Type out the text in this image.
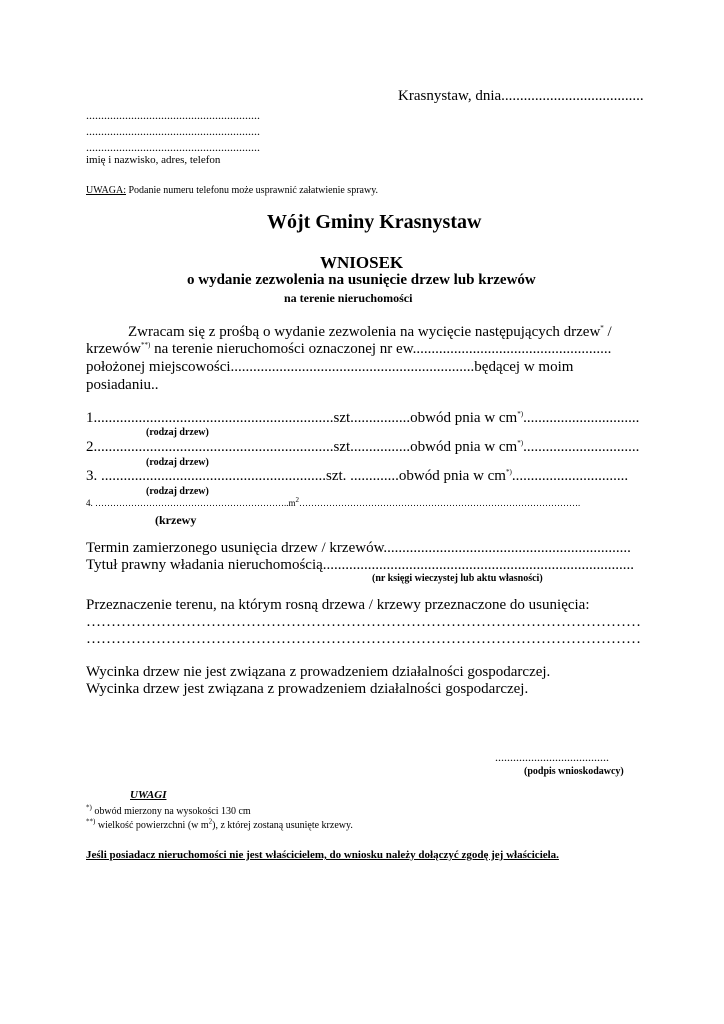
Krasnystaw, dnia......................................
..........................................................
..........................................................
..........................................................
imię i nazwisko, adres, telefon
UWAGA: Podanie numeru telefonu może usprawnić załatwienie sprawy.
Wójt Gminy Krasnystaw
WNIOSEK
o wydanie zezwolenia na usunięcie drzew lub krzewów
na terenie nieruchomości
Zwracam się z prośbą o wydanie zezwolenia na wycięcie następujących drzew* /
krzewów**) na terenie nieruchomości oznaczonej nr ew.....................................................
położonej miejscowości.................................................................będącej w moim
posiadaniu..
1................................................................szt................obwód pnia w cm*)...............................
(rodzaj drzew)
2................................................................szt................obwód pnia w cm*)...............................
(rodzaj drzew)
3. ............................................................szt. .............obwód pnia w cm*)...............................
(rodzaj drzew)
4. $\dots\dots\dots\dots\dots\dots\dots\dots\dots\dots\dots\dots\dots\dots\dots\dots\dots\dots\dots\dots\dots..m^2\dots\dots\dots\dots\dots\dots\dots\dots\dots\dots\dots\dots\dots\dots\dots\dots\dots\dots\dots\dots\dots\dots\dots\dots\dots\dots\dots\dots\dots\dots\dots$.
(krzewy
Termin zamierzonego usunięcia drzew / krzewów..................................................................
Tytuł prawny władania nieruchomością...................................................................................
(nr księgi wieczystej lub aktu własności)
Przeznaczenie terenu, na którym rosną drzewa / krzewy przeznaczone do usunięcia:
…………………………………………………………………………………………………
…………………………………………………………………………………………………
Wycinka drzew nie jest związana z prowadzeniem działalności gospodarczej.
Wycinka drzew jest związana z prowadzeniem działalności gospodarczej.
......................................
(podpis wnioskodawcy)
UWAGI
*) obwód mierzony na wysokości 130 cm
**) wielkość powierzchni (w $m^2$), z której zostaną usunięte krzewy.
Jeśli posiadacz nieruchomości nie jest właścicielem, do wniosku należy dołączyć zgodę jej właściciela.
